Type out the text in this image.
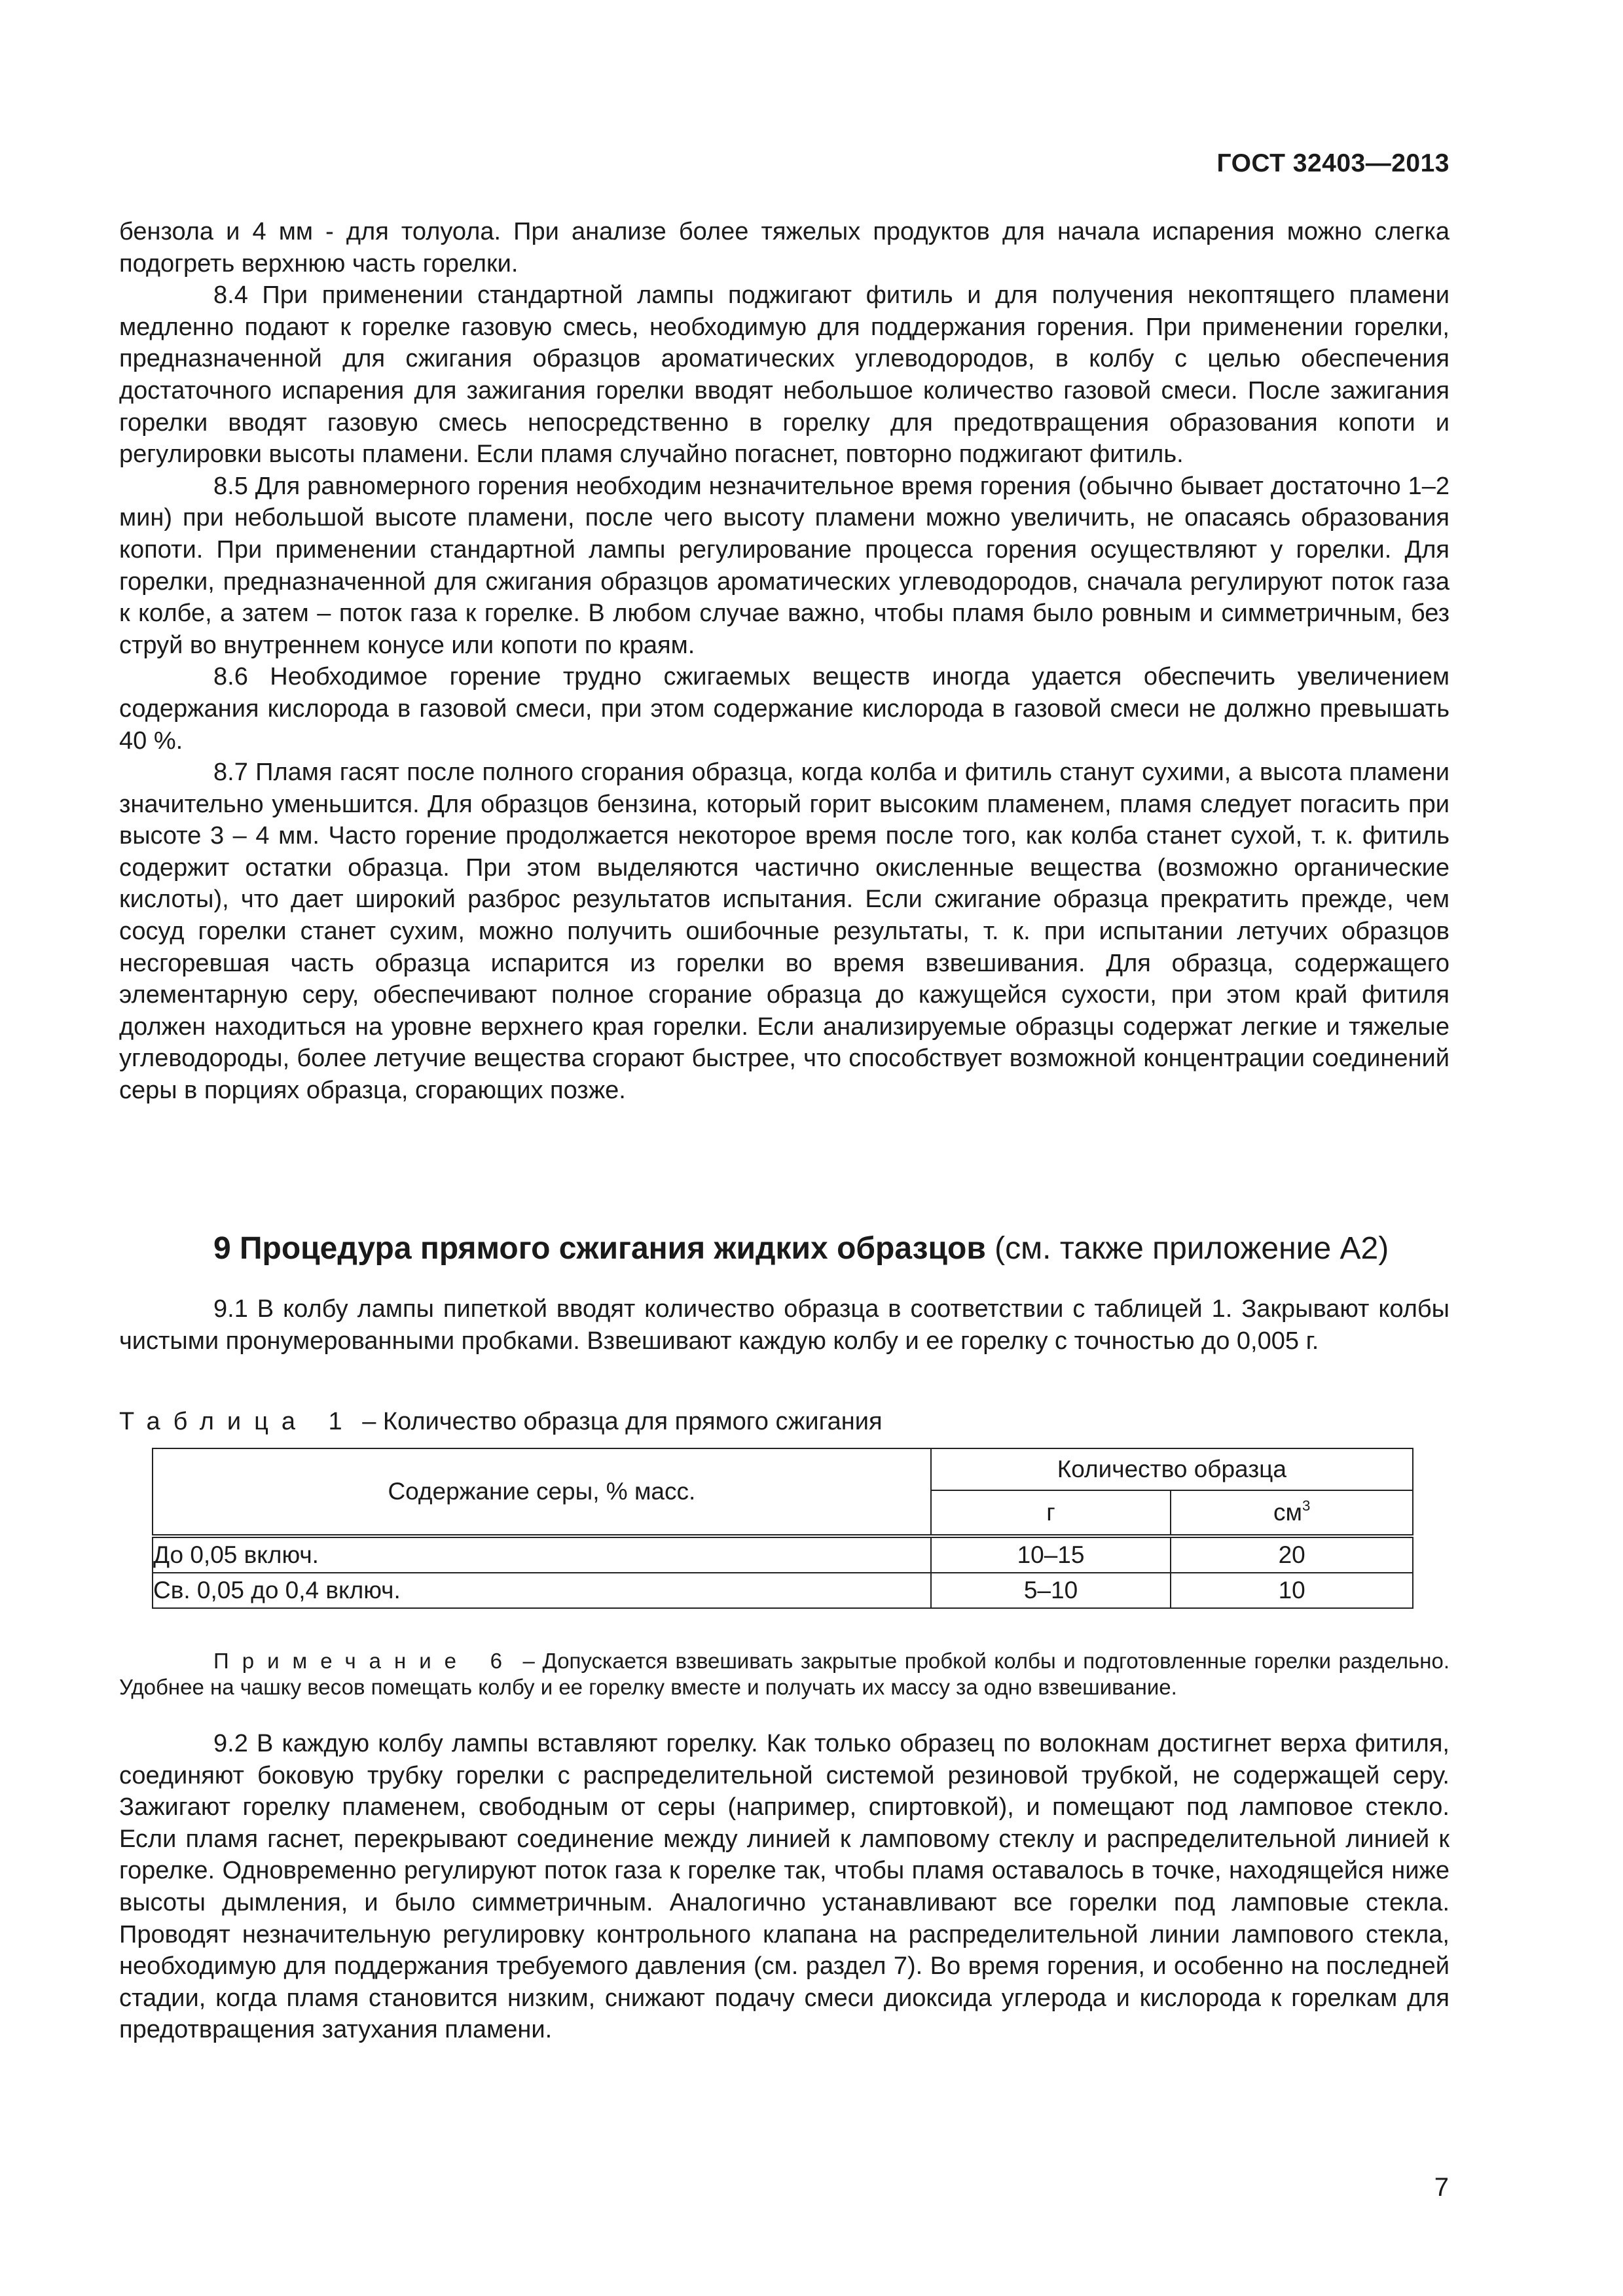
ГОСТ 32403—2013

бензола и 4 мм - для толуола. При анализе более тяжелых продуктов для начала испарения можно слегка подогреть верхнюю часть горелки.

8.4 При применении стандартной лампы поджигают фитиль и для получения некоптящего пламени медленно подают к горелке газовую смесь, необходимую для поддержания горения. При применении горелки, предназначенной для сжигания образцов ароматических углеводородов, в колбу с целью обеспечения достаточного испарения для зажигания горелки вводят небольшое количество газовой смеси. После зажигания горелки вводят газовую смесь непосредственно в горелку для предотвращения образования копоти и регулировки высоты пламени. Если пламя случайно погаснет, повторно поджигают фитиль.

8.5 Для равномерного горения необходим незначительное время горения (обычно бывает достаточно 1–2 мин) при небольшой высоте пламени, после чего высоту пламени можно увеличить, не опасаясь образования копоти. При применении стандартной лампы регулирование процесса горения осуществляют у горелки. Для горелки, предназначенной для сжигания образцов ароматических углеводородов, сначала регулируют поток газа к колбе, а затем – поток газа к горелке. В любом случае важно, чтобы пламя было ровным и симметричным, без струй во внутреннем конусе или копоти по краям.

8.6 Необходимое горение трудно сжигаемых веществ иногда удается обеспечить увеличением содержания кислорода в газовой смеси, при этом содержание кислорода в газовой смеси не должно превышать 40 %.

8.7 Пламя гасят после полного сгорания образца, когда колба и фитиль станут сухими, а высота пламени значительно уменьшится. Для образцов бензина, который горит высоким пламенем, пламя следует погасить при высоте 3 – 4 мм. Часто горение продолжается некоторое время после того, как колба станет сухой, т. к. фитиль содержит остатки образца. При этом выделяются частично окисленные вещества (возможно органические кислоты), что дает широкий разброс результатов испытания. Если сжигание образца прекратить прежде, чем сосуд горелки станет сухим, можно получить ошибочные результаты, т. к. при испытании летучих образцов несгоревшая часть образца испарится из горелки во время взвешивания. Для образца, содержащего элементарную серу, обеспечивают полное сгорание образца до кажущейся сухости, при этом край фитиля должен находиться на уровне верхнего края горелки. Если анализируемые образцы содержат легкие и тяжелые углеводороды, более летучие вещества сгорают быстрее, что способствует возможной концентрации соединений серы в порциях образца, сгорающих позже.

9 Процедура прямого сжигания жидких образцов (см. также приложение А2)

9.1 В колбу лампы пипеткой вводят количество образца в соответствии с таблицей 1. Закрывают колбы чистыми пронумерованными пробками. Взвешивают каждую колбу и ее горелку с точностью до 0,005 г.

Таблица 1 – Количество образца для прямого сжигания
Содержание серы, % масс.	Количество образца	
	г	$см^3$
До 0,05 включ.	10–15	20
Св. 0,05 до 0,4 включ.	5–10	10

Примечание 6 – Допускается взвешивать закрытые пробкой колбы и подготовленные горелки раздельно. Удобнее на чашку весов помещать колбу и ее горелку вместе и получать их массу за одно взвешивание.

9.2 В каждую колбу лампы вставляют горелку. Как только образец по волокнам достигнет верха фитиля, соединяют боковую трубку горелки с распределительной системой резиновой трубкой, не содержащей серу. Зажигают горелку пламенем, свободным от серы (например, спиртовкой), и помещают под ламповое стекло. Если пламя гаснет, перекрывают соединение между линией к ламповому стеклу и распределительной линией к горелке. Одновременно регулируют поток газа к горелке так, чтобы пламя оставалось в точке, находящейся ниже высоты дымления, и было симметричным. Аналогично устанавливают все горелки под ламповые стекла. Проводят незначительную регулировку контрольного клапана на распределительной линии лампового стекла, необходимую для поддержания требуемого давления (см. раздел 7). Во время горения, и особенно на последней стадии, когда пламя становится низким, снижают подачу смеси диоксида углерода и кислорода к горелкам для предотвращения затухания пламени.

7
